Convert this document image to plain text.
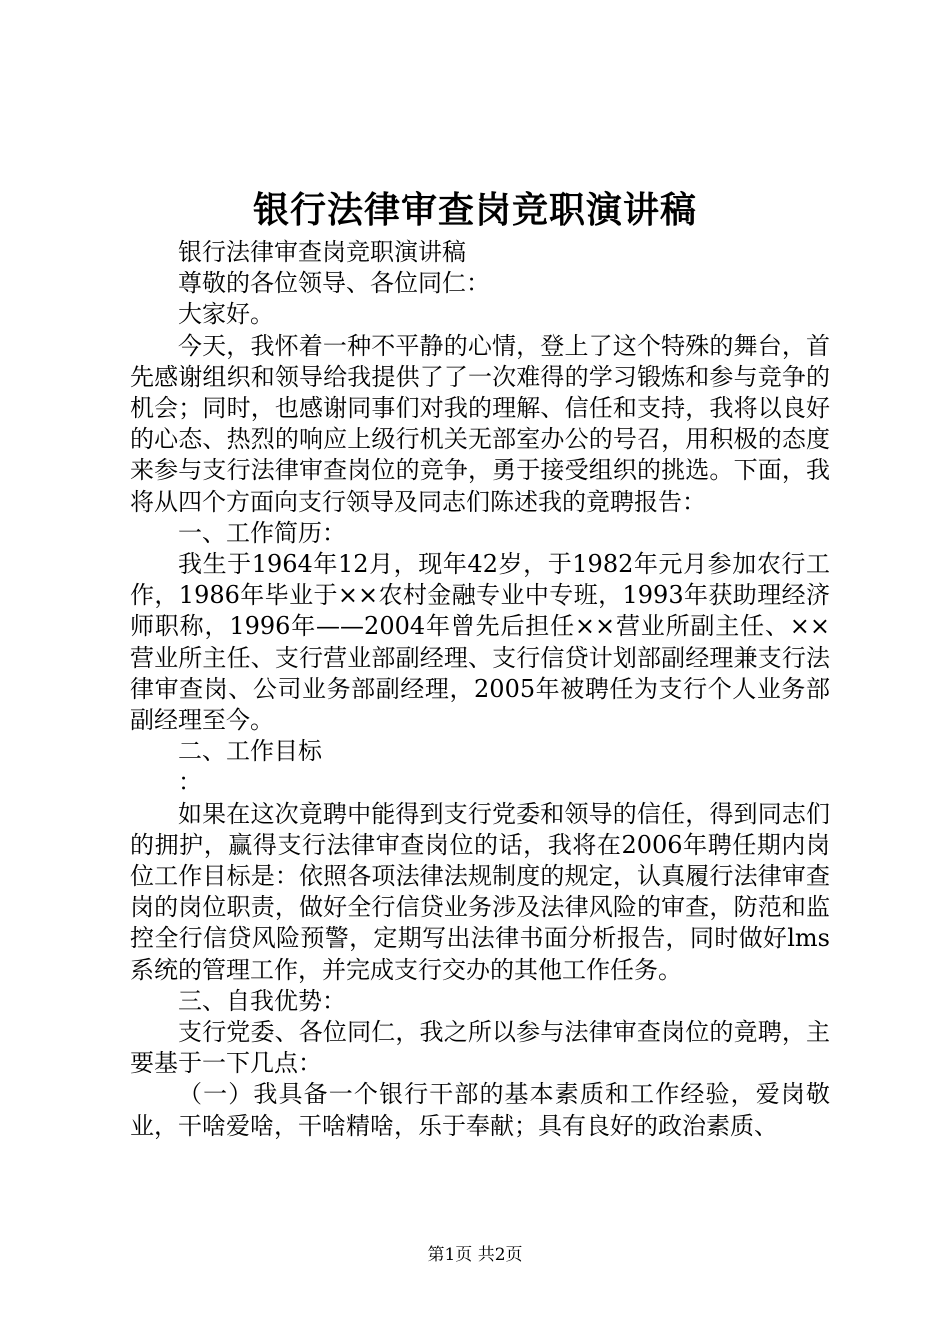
银行法律审查岗竞职演讲稿

银行法律审查岗竞职演讲稿

尊敬的各位领导、各位同仁：

大家好。

今天，我怀着一种不平静的心情，登上了这个特殊的舞台，首先感谢组织和领导给我提供了了一次难得的学习锻炼和参与竞争的机会；同时，也感谢同事们对我的理解、信任和支持，我将以良好的心态、热烈的响应上级行机关无部室办公的号召，用积极的态度来参与支行法律审查岗位的竞争，勇于接受组织的挑选。下面，我将从四个方面向支行领导及同志们陈述我的竟聘报告：

一、工作简历：

我生于1964年12月，现年42岁，于1982年元月参加农行工作，1986年毕业于××农村金融专业中专班，1993年获助理经济师职称，1996年——2004年曾先后担任××营业所副主任、××营业所主任、支行营业部副经理、支行信贷计划部副经理兼支行法律审查岗、公司业务部副经理，2005年被聘任为支行个人业务部副经理至今。

二、工作目标

：

如果在这次竟聘中能得到支行党委和领导的信任，得到同志们的拥护，赢得支行法律审查岗位的话，我将在2006年聘任期内岗位工作目标是：依照各项法律法规制度的规定，认真履行法律审查岗的岗位职责，做好全行信贷业务涉及法律风险的审查，防范和监控全行信贷风险预警，定期写出法律书面分析报告，同时做好lms系统的管理工作，并完成支行交办的其他工作任务。

三、自我优势：

支行党委、各位同仁，我之所以参与法律审查岗位的竟聘，主要基于一下几点：

（一）我具备一个银行干部的基本素质和工作经验，爱岗敬业，干啥爱啥，干啥精啥，乐于奉献；具有良好的政治素质、

第1页 共2页
